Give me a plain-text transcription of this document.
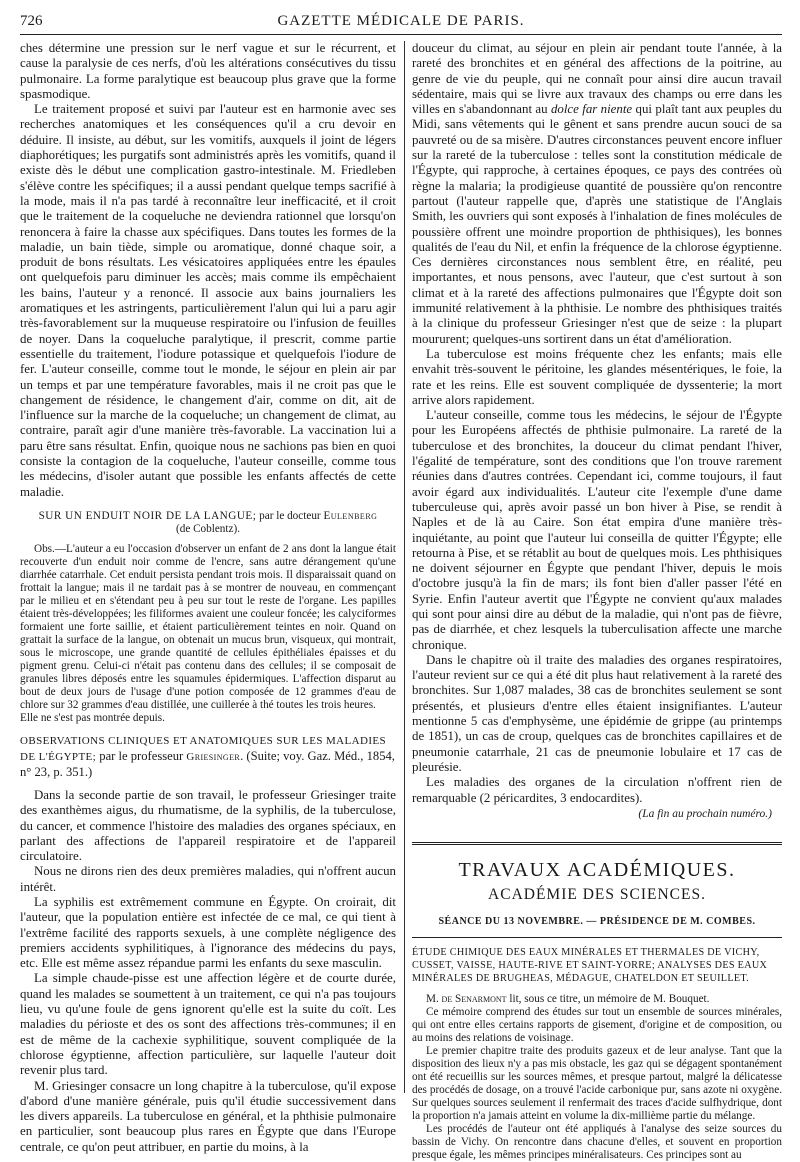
726	GAZETTE MÉDICALE DE PARIS.

ches détermine une pression sur le nerf vague et sur le récurrent, et cause la paralysie de ces nerfs, d'où les altérations consécutives du tissu pulmonaire. La forme paralytique est beaucoup plus grave que la forme spasmodique.

Le traitement proposé et suivi par l'auteur est en harmonie avec ses recherches anatomiques et les conséquences qu'il a cru devoir en déduire. Il insiste, au début, sur les vomitifs, auxquels il joint de légers diaphorétiques; les purgatifs sont administrés après les vomitifs, quand il existe dès le début une complication gastro-intestinale. M. Friedleben s'élève contre les spécifiques; il a aussi pendant quelque temps sacrifié à la mode, mais il n'a pas tardé à reconnaître leur inefficacité, et il croit que le traitement de la coqueluche ne deviendra rationnel que lorsqu'on renoncera à faire la chasse aux spécifiques. Dans toutes les formes de la maladie, un bain tiède, simple ou aromatique, donné chaque soir, a produit de bons résultats. Les vésicatoires appliquées entre les épaules ont quelquefois paru diminuer les accès; mais comme ils empêchaient les bains, l'auteur y a renoncé. Il associe aux bains journaliers les aromatiques et les astringents, particulièrement l'alun qui lui a paru agir très-favorablement sur la muqueuse respiratoire ou l'infusion de feuilles de noyer. Dans la coqueluche paralytique, il prescrit, comme partie essentielle du traitement, l'iodure potassique et quelquefois l'iodure de fer. L'auteur conseille, comme tout le monde, le séjour en plein air par un temps et par une température favorables, mais il ne croit pas que le changement de résidence, le changement d'air, comme on dit, ait de l'influence sur la marche de la coqueluche; un changement de climat, au contraire, paraît agir d'une manière très-favorable. La vaccination lui a paru être sans résultat. Enfin, quoique nous ne sachions pas bien en quoi consiste la contagion de la coqueluche, l'auteur conseille, comme tous les médecins, d'isoler autant que possible les enfants affectés de cette maladie.

SUR UN ENDUIT NOIR DE LA LANGUE; par le docteur Eulenberg
(de Coblentz).

Obs.—L'auteur a eu l'occasion d'observer un enfant de 2 ans dont la langue était recouverte d'un enduit noir comme de l'encre, sans autre dérangement qu'une diarrhée catarrhale. Cet enduit persista pendant trois mois. Il disparaissait quand on frottait la langue; mais il ne tardait pas à se montrer de nouveau, en commençant par le milieu et en s'étendant peu à peu sur tout le reste de l'organe. Les papilles étaient très-développées; les filiformes avaient une couleur foncée; les calyciformes formaient une forte saillie, et étaient particulièrement teintes en noir. Quand on grattait la surface de la langue, on obtenait un mucus brun, visqueux, qui montrait, sous le microscope, une grande quantité de cellules épithéliales épaisses et du pigment grenu. Celui-ci n'était pas contenu dans des cellules; il se composait de granules libres déposés entre les squamules épidermiques. L'affection disparut au bout de deux jours de l'usage d'une potion composée de 12 grammes d'eau de chlore sur 32 grammes d'eau distillée, une cuillerée à thé toutes les trois heures.

Elle ne s'est pas montrée depuis.

OBSERVATIONS CLINIQUES ET ANATOMIQUES SUR LES MALADIES DE L'ÉGYPTE; par le professeur Griesinger. (Suite; voy. Gaz. Méd., 1854, n° 23, p. 351.)

Dans la seconde partie de son travail, le professeur Griesinger traite des exanthèmes aigus, du rhumatisme, de la syphilis, de la tuberculose, du cancer, et commence l'histoire des maladies des organes spéciaux, en parlant des affections de l'appareil respiratoire et de l'appareil circulatoire.

Nous ne dirons rien des deux premières maladies, qui n'offrent aucun intérêt.

La syphilis est extrêmement commune en Égypte. On croirait, dit l'auteur, que la population entière est infectée de ce mal, ce qui tient à l'extrême facilité des rapports sexuels, à une complète négligence des premiers accidents syphilitiques, à l'ignorance des médecins du pays, etc. Elle est même assez répandue parmi les enfants du sexe masculin.

La simple chaude-pisse est une affection légère et de courte durée, quand les malades se soumettent à un traitement, ce qui n'a pas toujours lieu, vu qu'une foule de gens ignorent qu'elle est la suite du coït. Les maladies du périoste et des os sont des affections très-communes; il en est de même de la cachexie syphilitique, souvent compliquée de la chlorose égyptienne, affection particulière, sur laquelle l'auteur doit revenir plus tard.

M. Griesinger consacre un long chapitre à la tuberculose, qu'il expose d'abord d'une manière générale, puis qu'il étudie successivement dans les divers appareils. La tuberculose en général, et la phthisie pulmonaire en particulier, sont beaucoup plus rares en Égypte que dans l'Europe centrale, ce qu'on peut attribuer, en partie du moins, à la

douceur du climat, au séjour en plein air pendant toute l'année, à la rareté des bronchites et en général des affections de la poitrine, au genre de vie du peuple, qui ne connaît pour ainsi dire aucun travail sédentaire, mais qui se livre aux travaux des champs ou erre dans les villes en s'abandonnant au dolce far niente qui plaît tant aux peuples du Midi, sans vêtements qui le gênent et sans prendre aucun souci de sa pauvreté ou de sa misère. D'autres circonstances peuvent encore influer sur la rareté de la tuberculose : telles sont la constitution médicale de l'Égypte, qui rapproche, à certaines époques, ce pays des contrées où règne la malaria; la prodigieuse quantité de poussière qu'on rencontre partout (l'auteur rappelle que, d'après une statistique de l'Anglais Smith, les ouvriers qui sont exposés à l'inhalation de fines molécules de poussière offrent une moindre proportion de phthisiques), les bonnes qualités de l'eau du Nil, et enfin la fréquence de la chlorose égyptienne. Ces dernières circonstances nous semblent être, en réalité, peu importantes, et nous pensons, avec l'auteur, que c'est surtout à son climat et à la rareté des affections pulmonaires que l'Égypte doit son immunité relativement à la phthisie. Le nombre des phthisiques traités à la clinique du professeur Griesinger n'est que de seize : la plupart moururent; quelques-uns sortirent dans un état d'amélioration.

La tuberculose est moins fréquente chez les enfants; mais elle envahit très-souvent le péritoine, les glandes mésentériques, le foie, la rate et les reins. Elle est souvent compliquée de dyssenterie; la mort arrive alors rapidement.

L'auteur conseille, comme tous les médecins, le séjour de l'Égypte pour les Européens affectés de phthisie pulmonaire. La rareté de la tuberculose et des bronchites, la douceur du climat pendant l'hiver, l'égalité de température, sont des conditions que l'on trouve rarement réunies dans d'autres contrées. Cependant ici, comme toujours, il faut avoir égard aux individualités. L'auteur cite l'exemple d'une dame tuberculeuse qui, après avoir passé un bon hiver à Pise, se rendit à Naples et de là au Caire. Son état empira d'une manière très-inquiétante, au point que l'auteur lui conseilla de quitter l'Égypte; elle retourna à Pise, et se rétablit au bout de quelques mois. Les phthisiques ne doivent séjourner en Égypte que pendant l'hiver, depuis le mois d'octobre jusqu'à la fin de mars; ils font bien d'aller passer l'été en Syrie. Enfin l'auteur avertit que l'Égypte ne convient qu'aux malades qui sont pour ainsi dire au début de la maladie, qui n'ont pas de fièvre, pas de diarrhée, et chez lesquels la tuberculisation affecte une marche chronique.

Dans le chapitre où il traite des maladies des organes respiratoires, l'auteur revient sur ce qui a été dit plus haut relativement à la rareté des bronchites. Sur 1,087 malades, 38 cas de bronchites seulement se sont présentés, et plusieurs d'entre elles étaient insignifiantes. L'auteur mentionne 5 cas d'emphysème, une épidémie de grippe (au printemps de 1851), un cas de croup, quelques cas de bronchites capillaires et de pneumonie catarrhale, 21 cas de pneumonie lobulaire et 17 cas de pleurésie.

Les maladies des organes de la circulation n'offrent rien de remarquable (2 péricardites, 3 endocardites).

(La fin au prochain numéro.)
TRAVAUX ACADÉMIQUES.
ACADÉMIE DES SCIENCES.
SÉANCE DU 13 NOVEMBRE. — PRÉSIDENCE DE M. COMBES.
ÉTUDE CHIMIQUE DES EAUX MINÉRALES ET THERMALES DE VICHY, CUSSET, VAISSE, HAUTE-RIVE ET SAINT-YORRE; ANALYSES DES EAUX MINÉRALES DE BRUGHEAS, MÉDAGUE, CHATELDON ET SEUILLET.

M. de Senarmont lit, sous ce titre, un mémoire de M. Bouquet.

Ce mémoire comprend des études sur tout un ensemble de sources minérales, qui ont entre elles certains rapports de gisement, d'origine et de composition, ou au moins des relations de voisinage.

Le premier chapitre traite des produits gazeux et de leur analyse. Tant que la disposition des lieux n'y a pas mis obstacle, les gaz qui se dégagent spontanément ont été recueillis sur les sources mêmes, et presque partout, malgré la délicatesse des procédés de dosage, on a trouvé l'acide carbonique pur, sans azote ni oxygène. Sur quelques sources seulement il renfermait des traces d'acide sulfhydrique, dont la proportion n'a jamais atteint en volume la dix-millième partie du mélange.

Les procédés de l'auteur ont été appliqués à l'analyse des seize sources du bassin de Vichy. On rencontre dans chacune d'elles, et souvent en proportion presque égale, les mêmes principes minéralisateurs. Ces principes sont au
